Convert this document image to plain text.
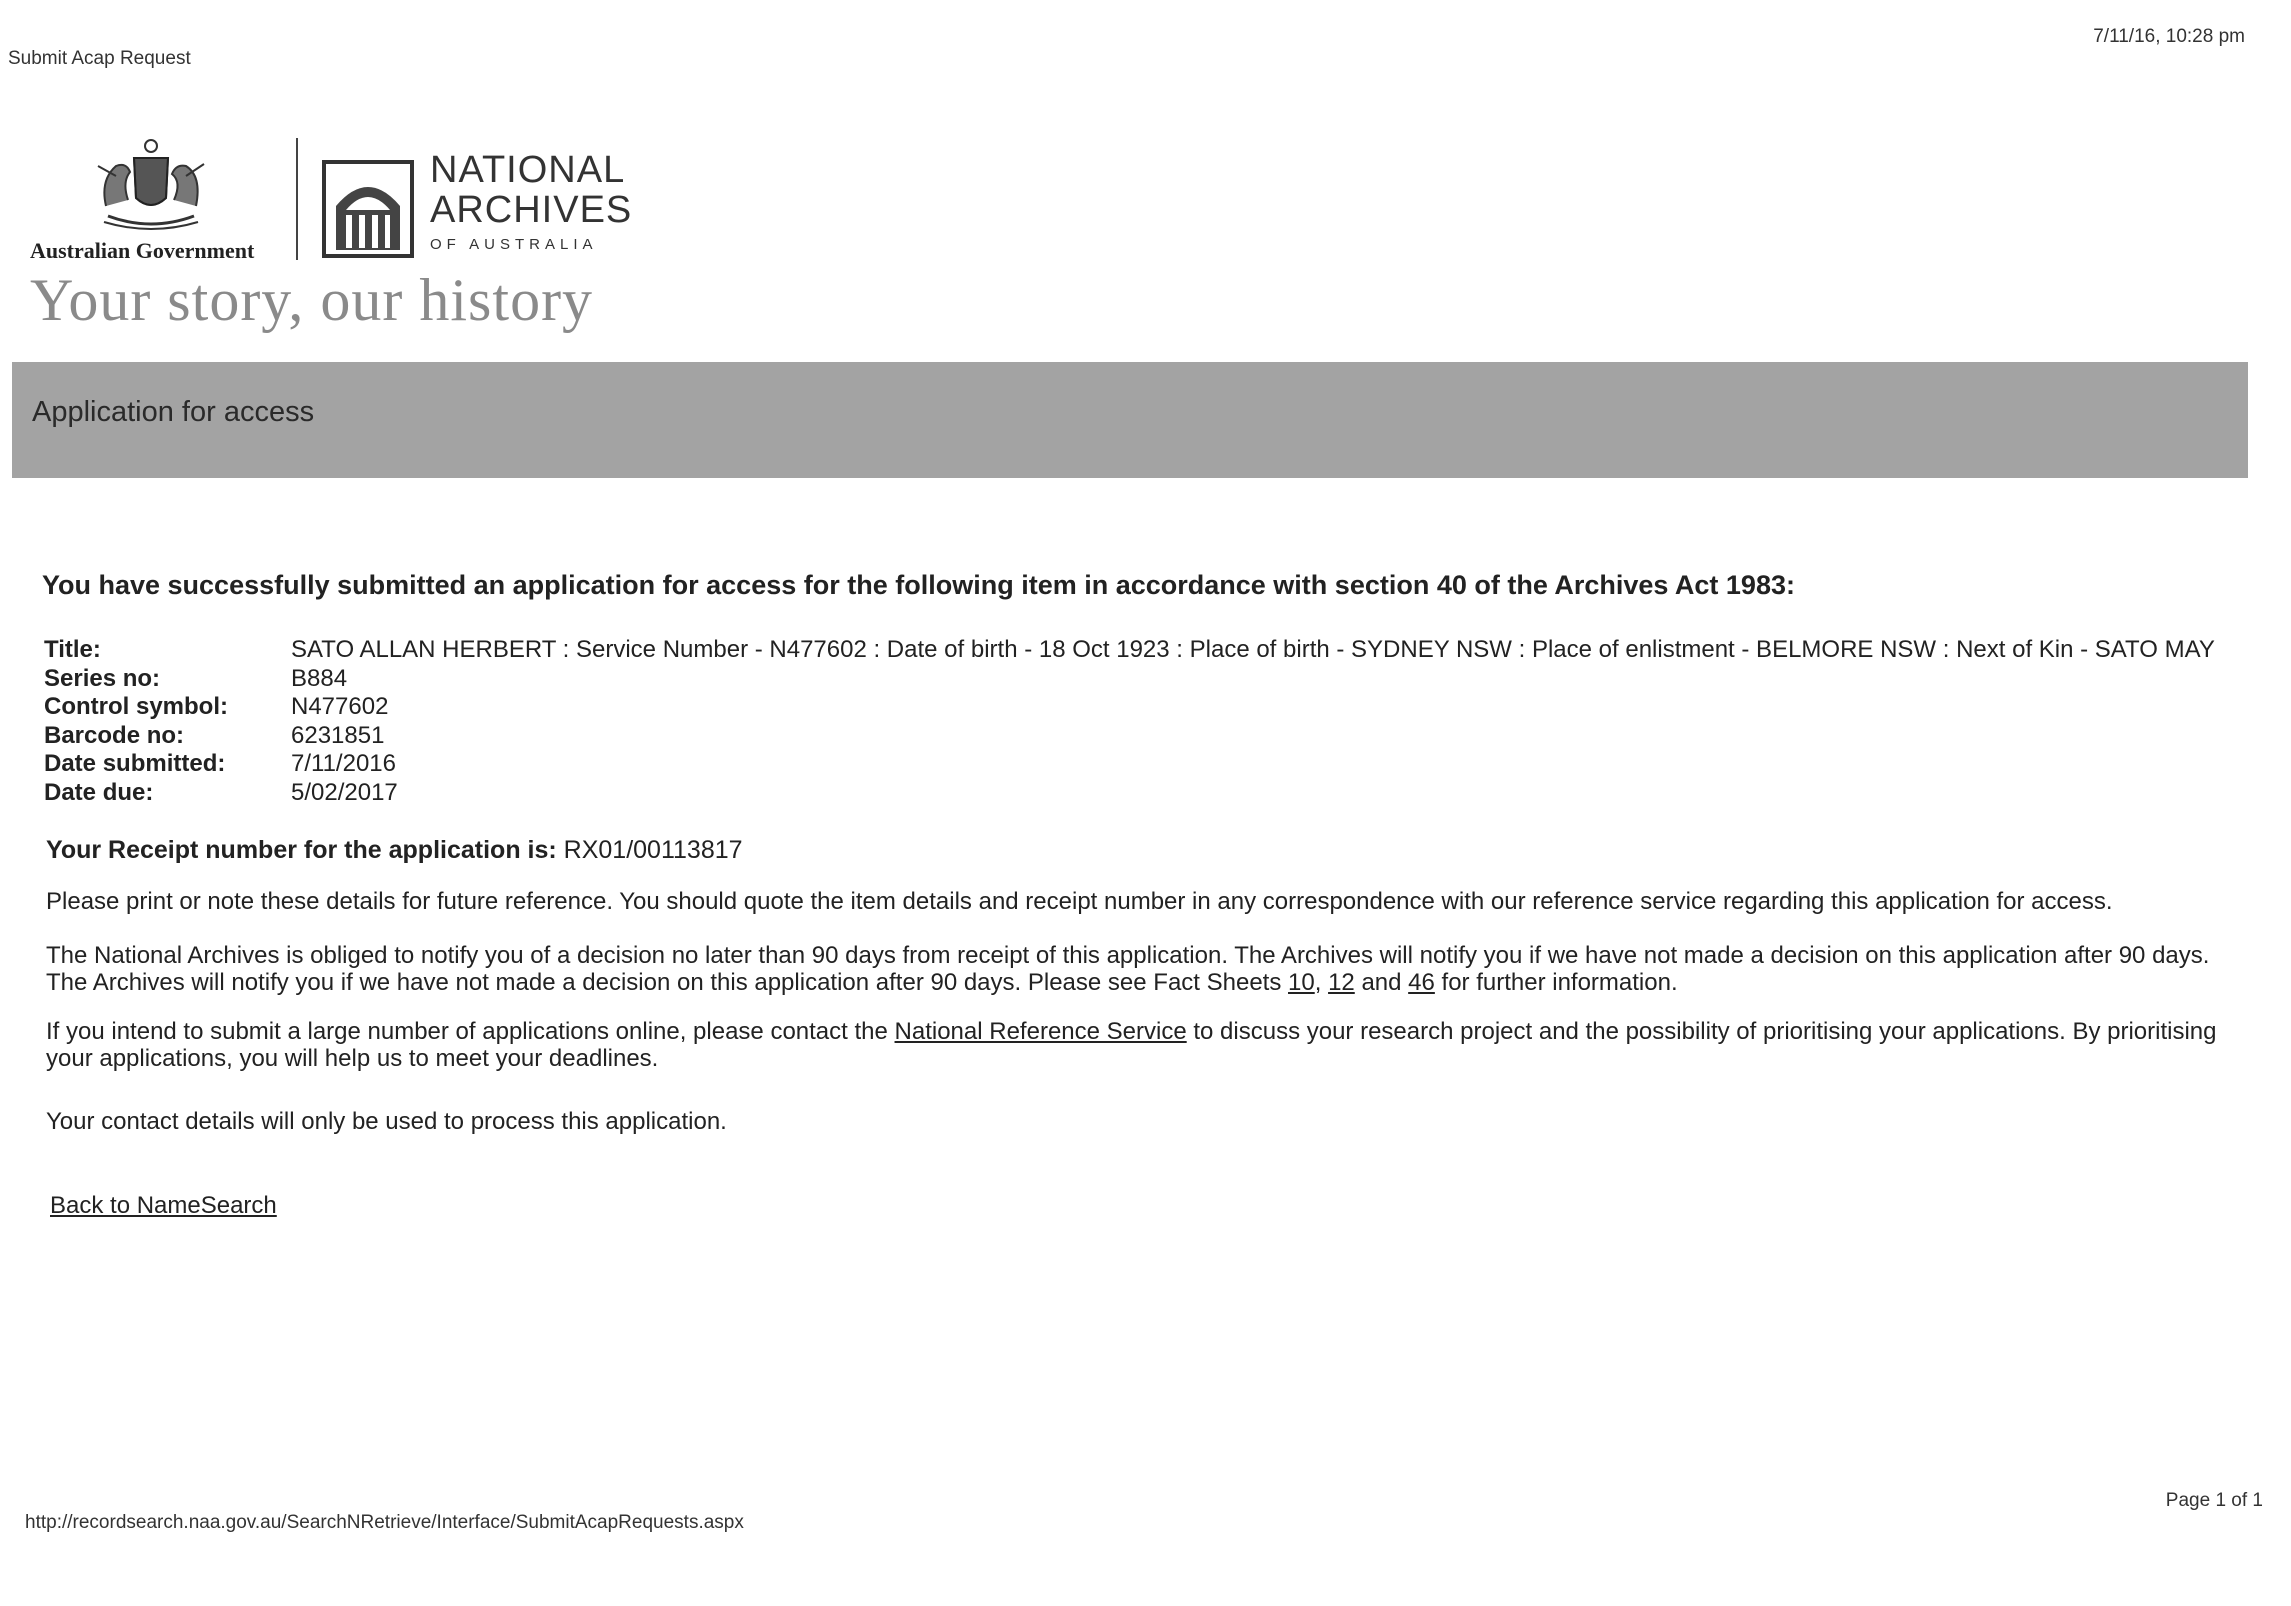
Submit Acap Request
7/11/16, 10:28 pm
Australian Government
NATIONAL
ARCHIVES
OF AUSTRALIA
Your story, our history
Application for access
You have successfully submitted an application for access for the following item in accordance with section 40 of the Archives Act 1983:
Title:	SATO ALLAN HERBERT : Service Number - N477602 : Date of birth - 18 Oct 1923 : Place of birth - SYDNEY NSW : Place of enlistment - BELMORE NSW : Next of Kin - SATO MAY
Series no:	B884
Control symbol:	N477602
Barcode no:	6231851
Date submitted:	7/11/2016
Date due:	5/02/2017
Your Receipt number for the application is: RX01/00113817
Please print or note these details for future reference. You should quote the item details and receipt number in any correspondence with our reference service regarding this application for access.
The National Archives is obliged to notify you of a decision no later than 90 days from receipt of this application. The Archives will notify you if we have not made a decision on this application after 90 days. The Archives will notify you if we have not made a decision on this application after 90 days. Please see Fact Sheets 10, 12 and 46 for further information.
If you intend to submit a large number of applications online, please contact the National Reference Service to discuss your research project and the possibility of prioritising your applications. By prioritising your applications, you will help us to meet your deadlines.
Your contact details will only be used to process this application.
Back to NameSearch
http://recordsearch.naa.gov.au/SearchNRetrieve/Interface/SubmitAcapRequests.aspx
Page 1 of 1
